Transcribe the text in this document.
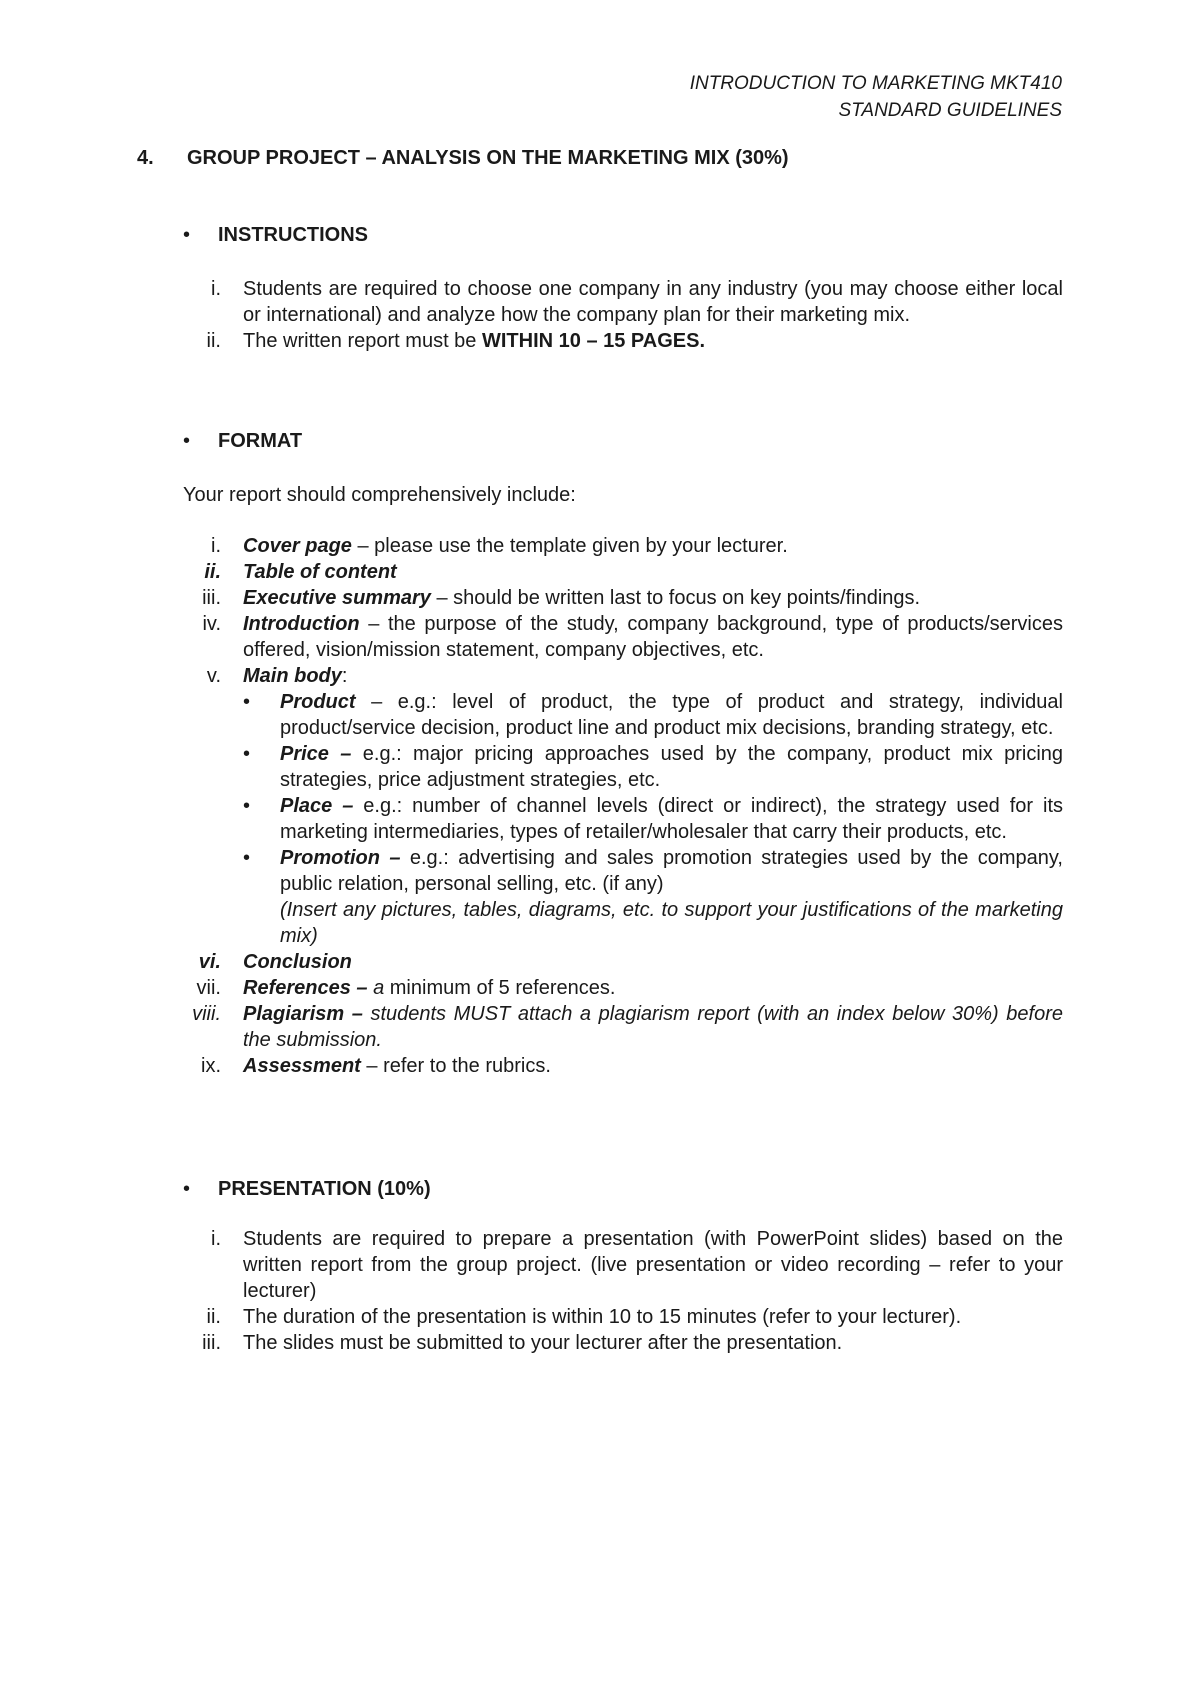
INTRODUCTION TO MARKETING MKT410
STANDARD GUIDELINES
4. GROUP PROJECT – ANALYSIS ON THE MARKETING MIX (30%)
• INSTRUCTIONS
i.	Students are required to choose one company in any industry (you may choose either local or international) and analyze how the company plan for their marketing mix.
ii.	The written report must be WITHIN 10 – 15 PAGES.
• FORMAT
Your report should comprehensively include:
i.	Cover page – please use the template given by your lecturer.
ii.	Table of content
iii.	Executive summary – should be written last to focus on key points/findings.
iv.	Introduction – the purpose of the study, company background, type of products/services offered, vision/mission statement, company objectives, etc.
v.	Main body:
•	Product – e.g.: level of product, the type of product and strategy, individual product/service decision, product line and product mix decisions, branding strategy, etc.
•	Price – e.g.: major pricing approaches used by the company, product mix pricing strategies, price adjustment strategies, etc.
•	Place – e.g.: number of channel levels (direct or indirect), the strategy used for its marketing intermediaries, types of retailer/wholesaler that carry their products, etc.
•	Promotion – e.g.: advertising and sales promotion strategies used by the company, public relation, personal selling, etc. (if any)
(Insert any pictures, tables, diagrams, etc. to support your justifications of the marketing mix)
vi.	Conclusion
vii.	References – a minimum of 5 references.
viii.	Plagiarism – students MUST attach a plagiarism report (with an index below 30%) before the submission.
ix.	Assessment – refer to the rubrics.
• PRESENTATION (10%)
i.	Students are required to prepare a presentation (with PowerPoint slides) based on the written report from the group project. (live presentation or video recording – refer to your lecturer)
ii.	The duration of the presentation is within 10 to 15 minutes (refer to your lecturer).
iii.	The slides must be submitted to your lecturer after the presentation.
